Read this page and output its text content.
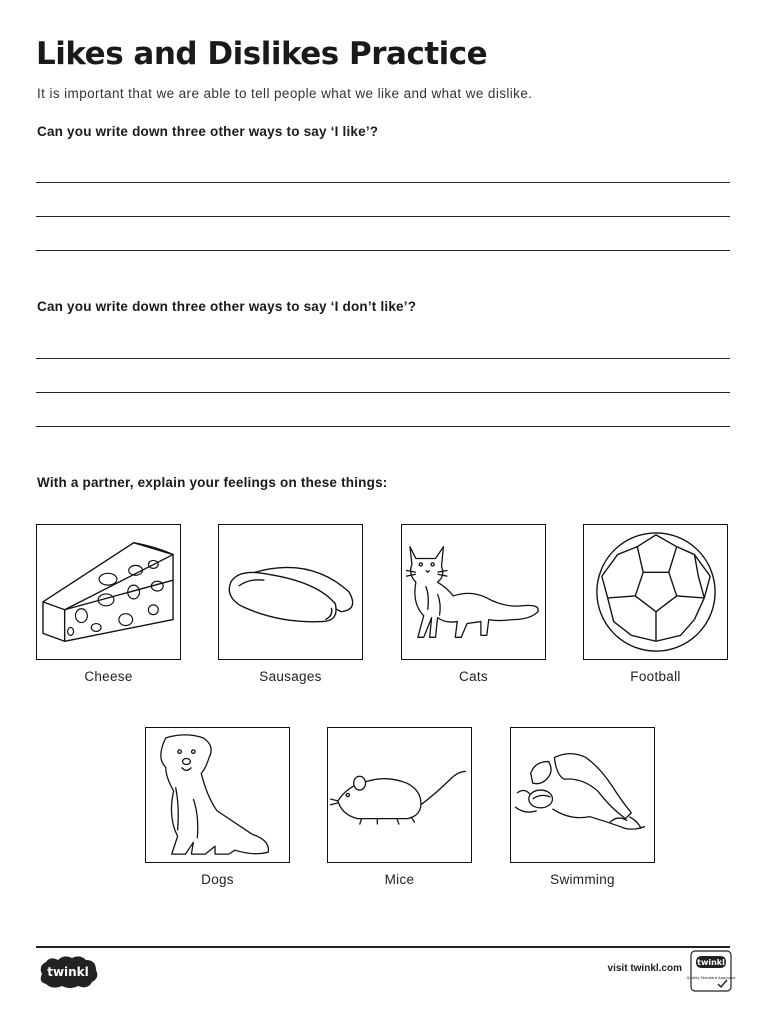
Likes and Dislikes Practice
It is important that we are able to tell people what we like and what we dislike.
Can you write down three other ways to say ‘I like’?
Can you write down three other ways to say ‘I don’t like’?
With a partner, explain your feelings on these things:
Cheese	Sausages	Cats	Football
Dogs	Mice	Swimming
twinkl	visit twinkl.com
twinkl
Quality Standard Approved
